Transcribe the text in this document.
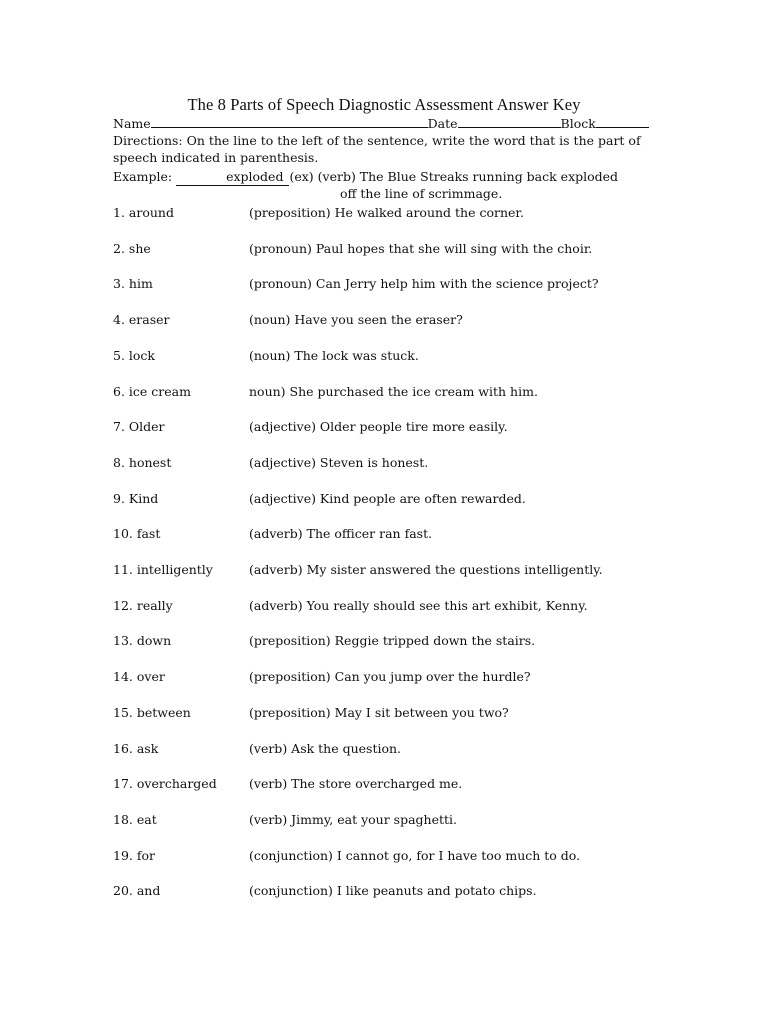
The 8 Parts of Speech Diagnostic Assessment Answer Key
Name	Date	Block
Directions: On the line to the left of the sentence, write the word that is the part of
speech indicated in parenthesis.
Example:	exploded (ex) (verb) The Blue Streaks running back exploded
off the line of scrimmage.
1. around	(preposition) He walked around the corner.
2. she	(pronoun) Paul hopes that she will sing with the choir.
3. him	(pronoun) Can Jerry help him with the science project?
4. eraser	(noun) Have you seen the eraser?
5. lock	(noun) The lock was stuck.
6. ice cream	noun) She purchased the ice cream with him.
7. Older	(adjective) Older people tire more easily.
8. honest	(adjective) Steven is honest.
9. Kind	(adjective) Kind people are often rewarded.
10. fast	(adverb) The officer ran fast.
11. intelligently	(adverb) My sister answered the questions intelligently.
12. really	(adverb) You really should see this art exhibit, Kenny.
13. down	(preposition) Reggie tripped down the stairs.
14. over	(preposition) Can you jump over the hurdle?
15. between	(preposition) May I sit between you two?
16. ask	(verb) Ask the question.
17. overcharged	(verb) The store overcharged me.
18. eat	(verb) Jimmy, eat your spaghetti.
19. for	(conjunction) I cannot go, for I have too much to do.
20. and	(conjunction) I like peanuts and potato chips.
